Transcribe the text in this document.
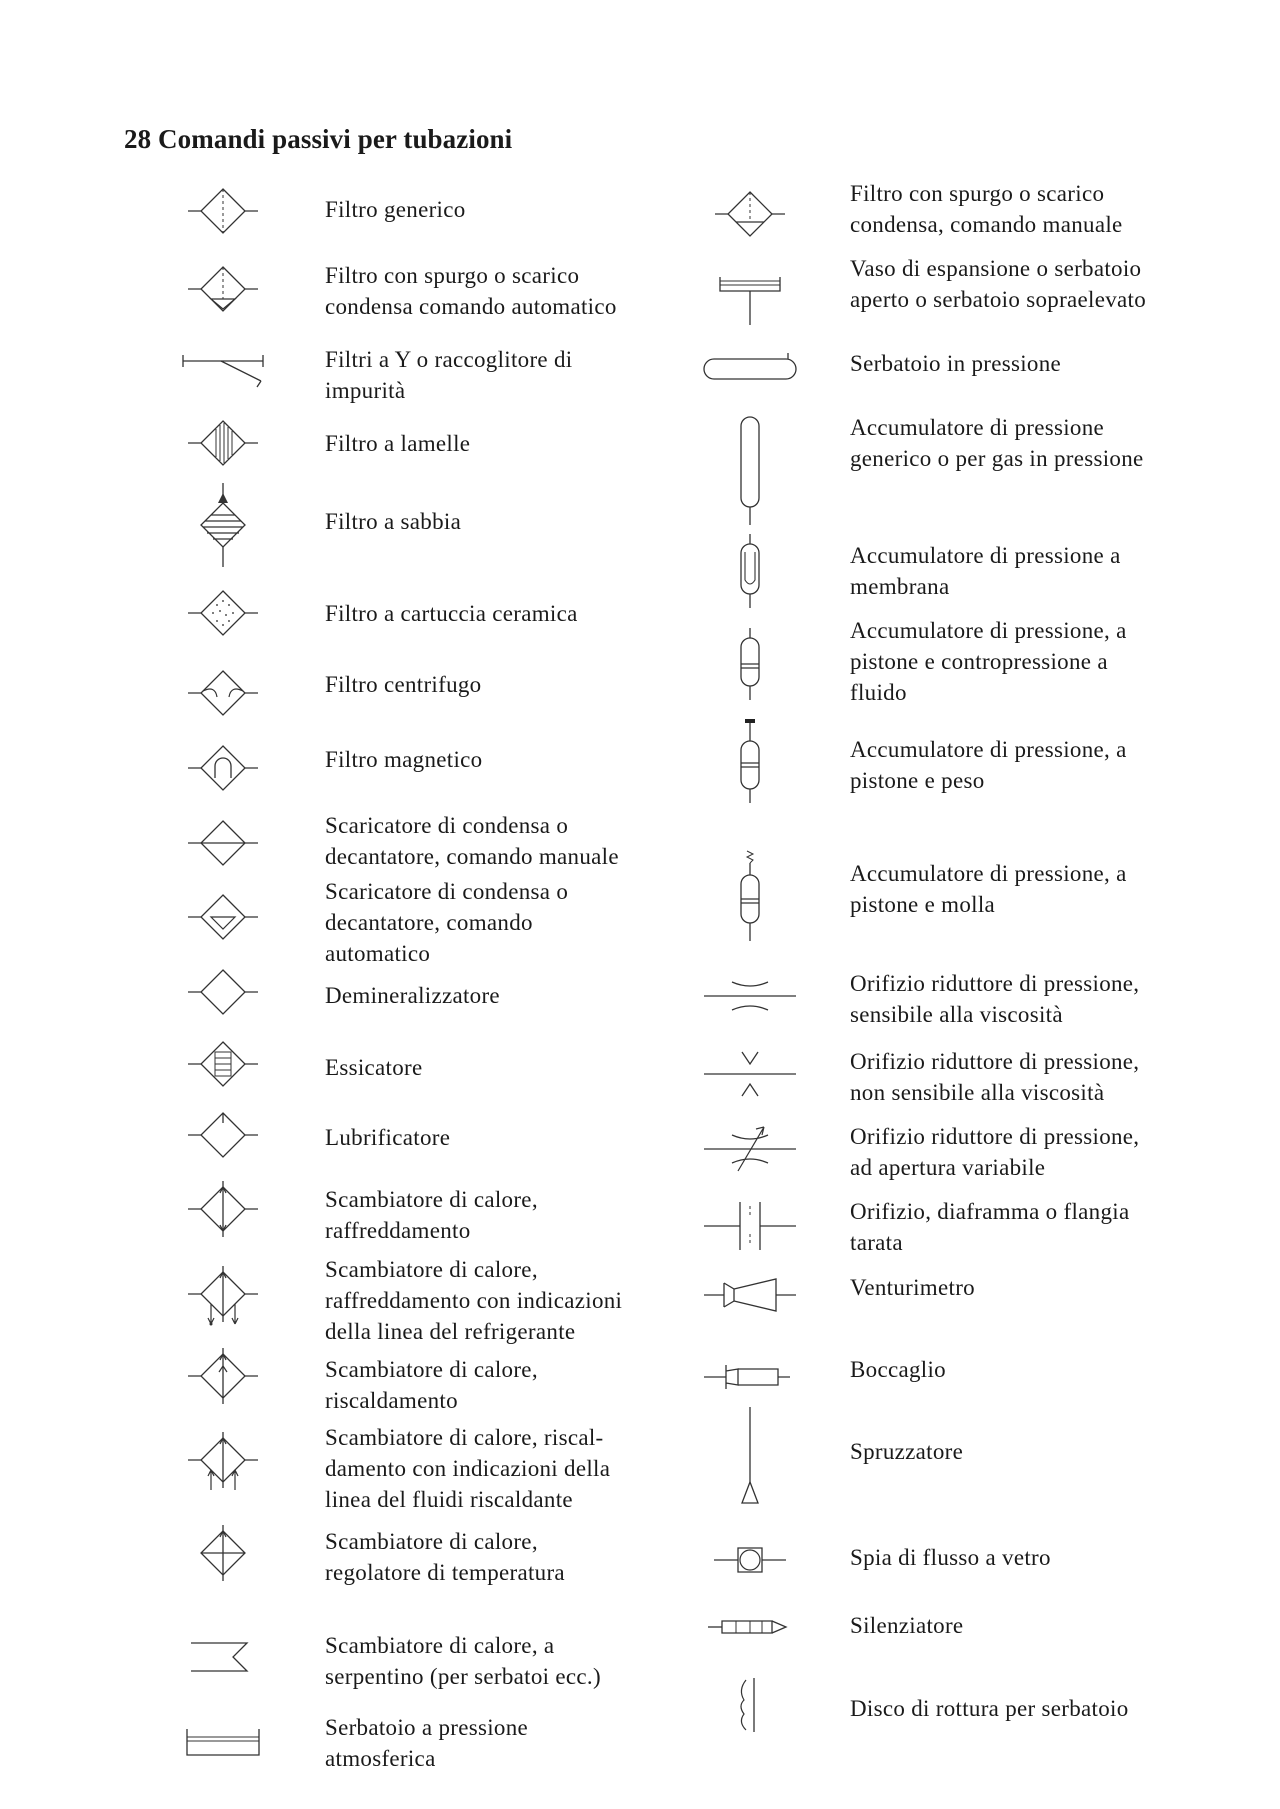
28 Comandi passivi per tubazioni
Filtro generico
Filtro con spurgo o scarico
condensa comando automatico
Filtri a Y o raccoglitore di
impurità
Filtro a lamelle
Filtro a sabbia
Filtro a cartuccia ceramica
Filtro centrifugo
Filtro magnetico
Scaricatore di condensa o
decantatore, comando manuale
Scaricatore di condensa o
decantatore, comando
automatico
Demineralizzatore
Essicatore
Lubrificatore
Scambiatore di calore,
raffreddamento
Scambiatore di calore,
raffreddamento con indicazioni
della linea del refrigerante
Scambiatore di calore,
riscaldamento
Scambiatore di calore, riscal-
damento con indicazioni della
linea del fluidi riscaldante
Scambiatore di calore,
regolatore di temperatura
Scambiatore di calore, a
serpentino (per serbatoi ecc.)
Serbatoio a pressione
atmosferica
Filtro con spurgo o scarico
condensa, comando manuale
Vaso di espansione o serbatoio
aperto o serbatoio sopraelevato
Serbatoio in pressione
Accumulatore di pressione
generico o per gas in pressione
Accumulatore di pressione a
membrana
Accumulatore di pressione, a
pistone e contropressione a
fluido
Accumulatore di pressione, a
pistone e peso
Accumulatore di pressione, a
pistone e molla
Orifizio riduttore di pressione,
sensibile alla viscosità
Orifizio riduttore di pressione,
non sensibile alla viscosità
Orifizio riduttore di pressione,
ad apertura variabile
Orifizio, diaframma o flangia
tarata
Venturimetro
Boccaglio
Spruzzatore
Spia di flusso a vetro
Silenziatore
Disco di rottura per serbatoio
